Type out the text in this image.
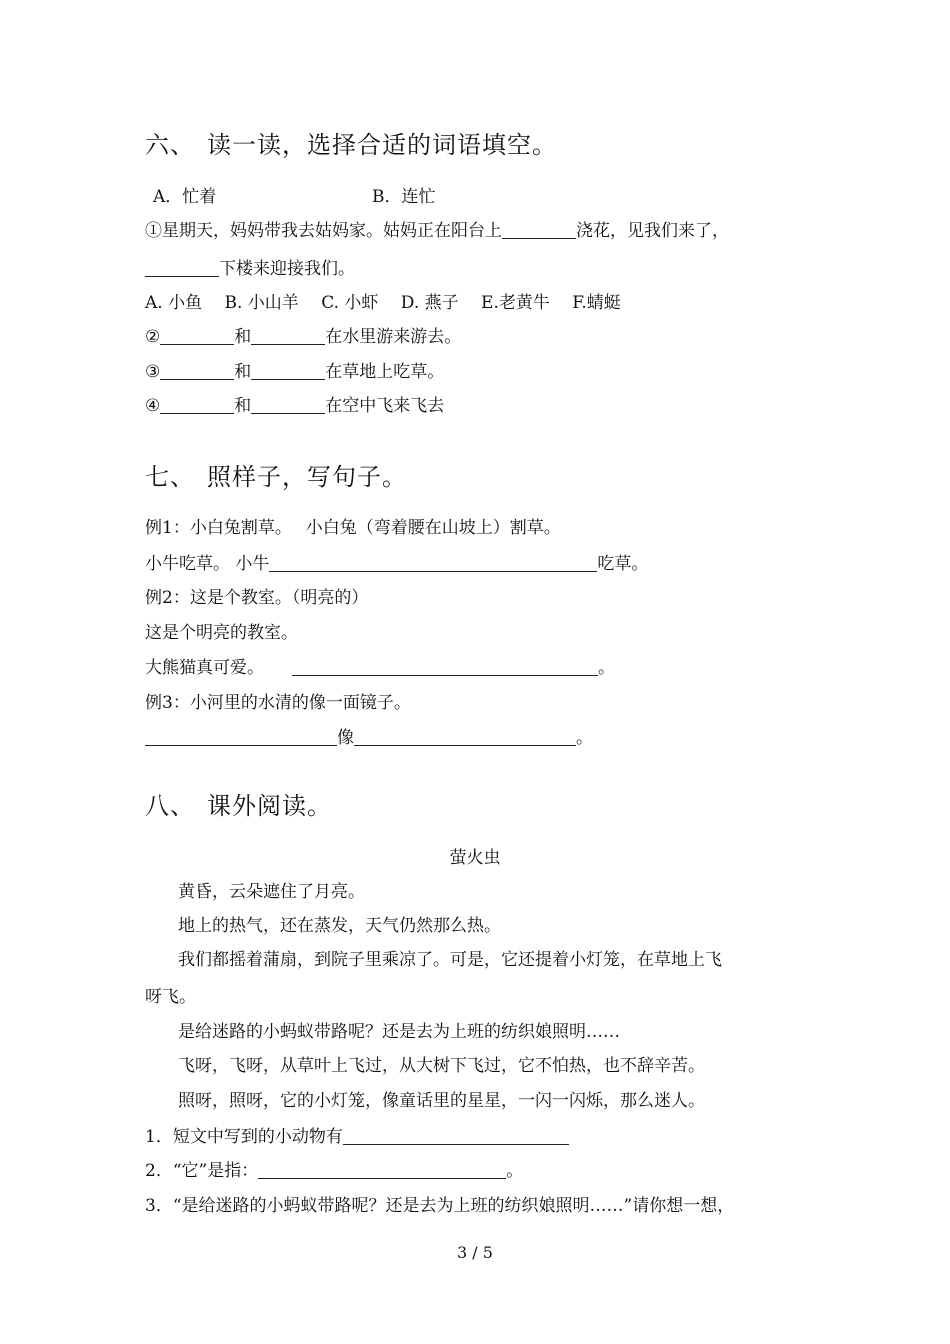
六、 读一读，选择合适的词语填空。
A．忙着	B．连忙
①星期天，妈妈带我去姑妈家。姑妈正在阳台上	浇花，见我们来了，
下楼来迎接我们。
A. 小鱼　 B. 小山羊　 C. 小虾　 D. 燕子　 E.老黄牛　 F.蜻蜓
②	和	在水里游来游去。
③	和	在草地上吃草。
④	和	在空中飞来飞去
七、 照样子，写句子。
例1：小白兔割草。　 小白兔（弯着腰在山坡上）割草。
小牛吃草。 小牛	吃草。
例2：这是个教室。（明亮的）
这是个明亮的教室。
大熊猫真可爱。	。
例3：小河里的水清的像一面镜子。
像	。
八、 课外阅读。
萤火虫
黄昏，云朵遮住了月亮。
地上的热气，还在蒸发，天气仍然那么热。
我们都摇着蒲扇，到院子里乘凉了。可是，它还提着小灯笼，在草地上飞
呀飞。
是给迷路的小蚂蚁带路呢？还是去为上班的纺织娘照明……
飞呀，飞呀，从草叶上飞过，从大树下飞过，它不怕热，也不辞辛苦。
照呀，照呀，它的小灯笼，像童话里的星星，一闪一闪烁，那么迷人。
1．短文中写到的小动物有
2．“它”是指：	。
3．“是给迷路的小蚂蚁带路呢？还是去为上班的纺织娘照明……”请你想一想，
3 / 5
